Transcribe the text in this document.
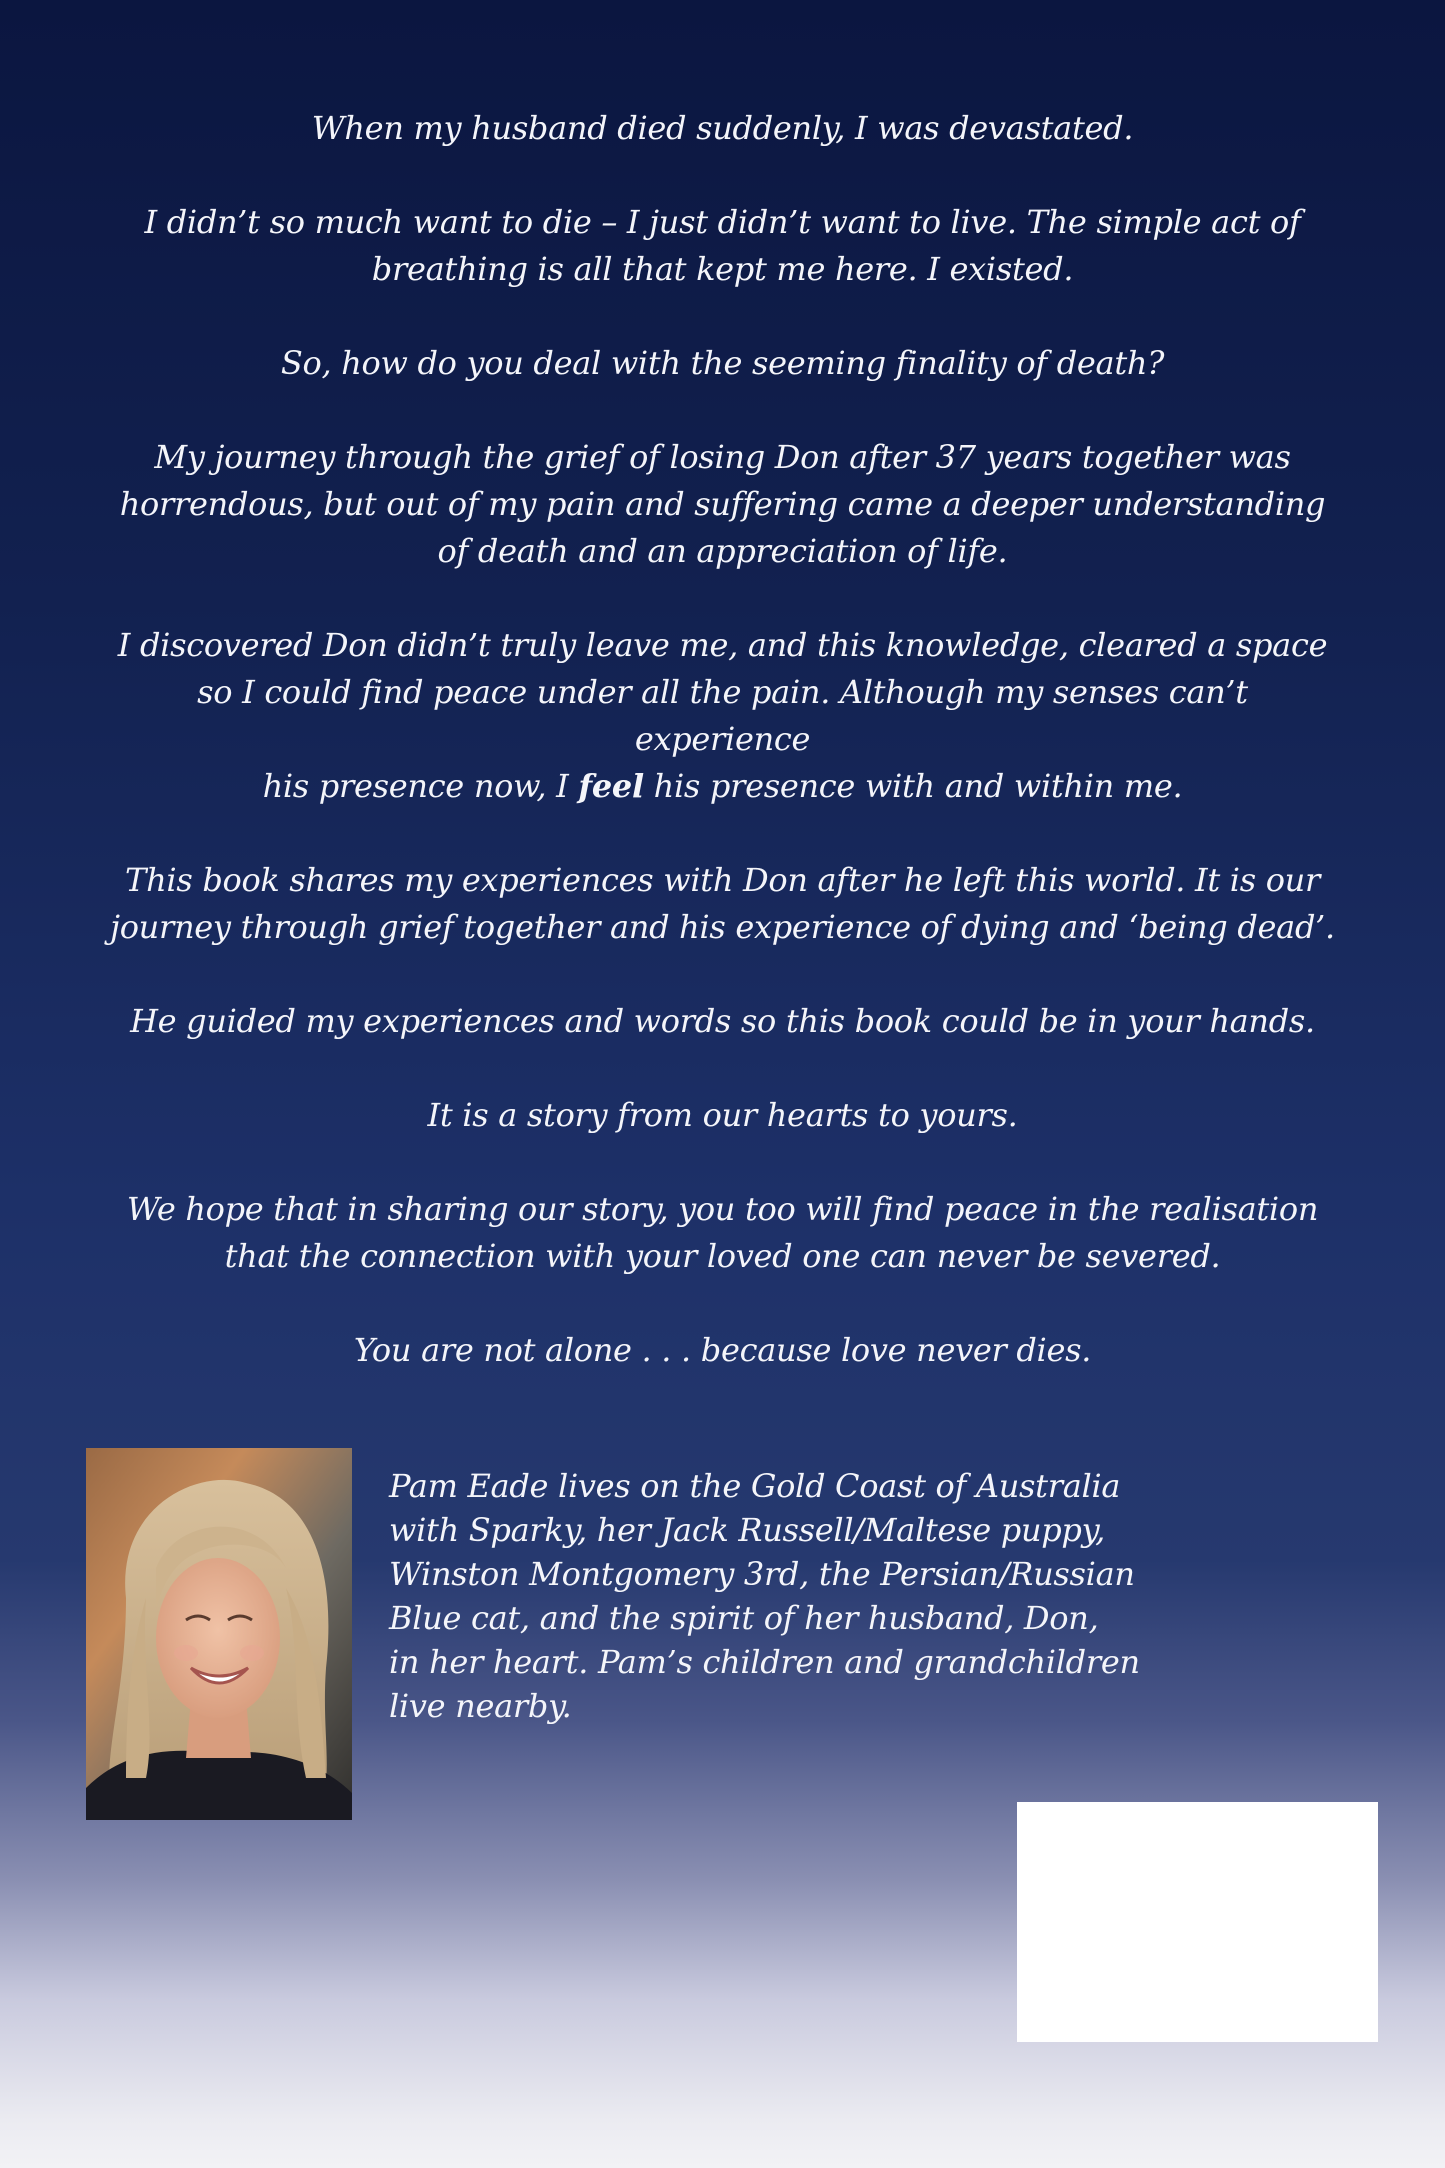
When my husband died suddenly, I was devastated.

I didn’t so much want to die – I just didn’t want to live. The simple act of
breathing is all that kept me here. I existed.

So, how do you deal with the seeming finality of death?

My journey through the grief of losing Don after 37 years together was
horrendous, but out of my pain and suffering came a deeper understanding
of death and an appreciation of life.

I discovered Don didn’t truly leave me, and this knowledge, cleared a space
so I could find peace under all the pain. Although my senses can’t experience
his presence now, I feel his presence with and within me.

This book shares my experiences with Don after he left this world. It is our
journey through grief together and his experience of dying and ‘being dead’.

He guided my experiences and words so this book could be in your hands.

It is a story from our hearts to yours.

We hope that in sharing our story, you too will find peace in the realisation
that the connection with your loved one can never be severed.

You are not alone . . . because love never dies.

Pam Eade lives on the Gold Coast of Australia
with Sparky, her Jack Russell/Maltese puppy,
Winston Montgomery 3rd, the Persian/Russian
Blue cat, and the spirit of her husband, Don,
in her heart. Pam’s children and grandchildren
live nearby.
